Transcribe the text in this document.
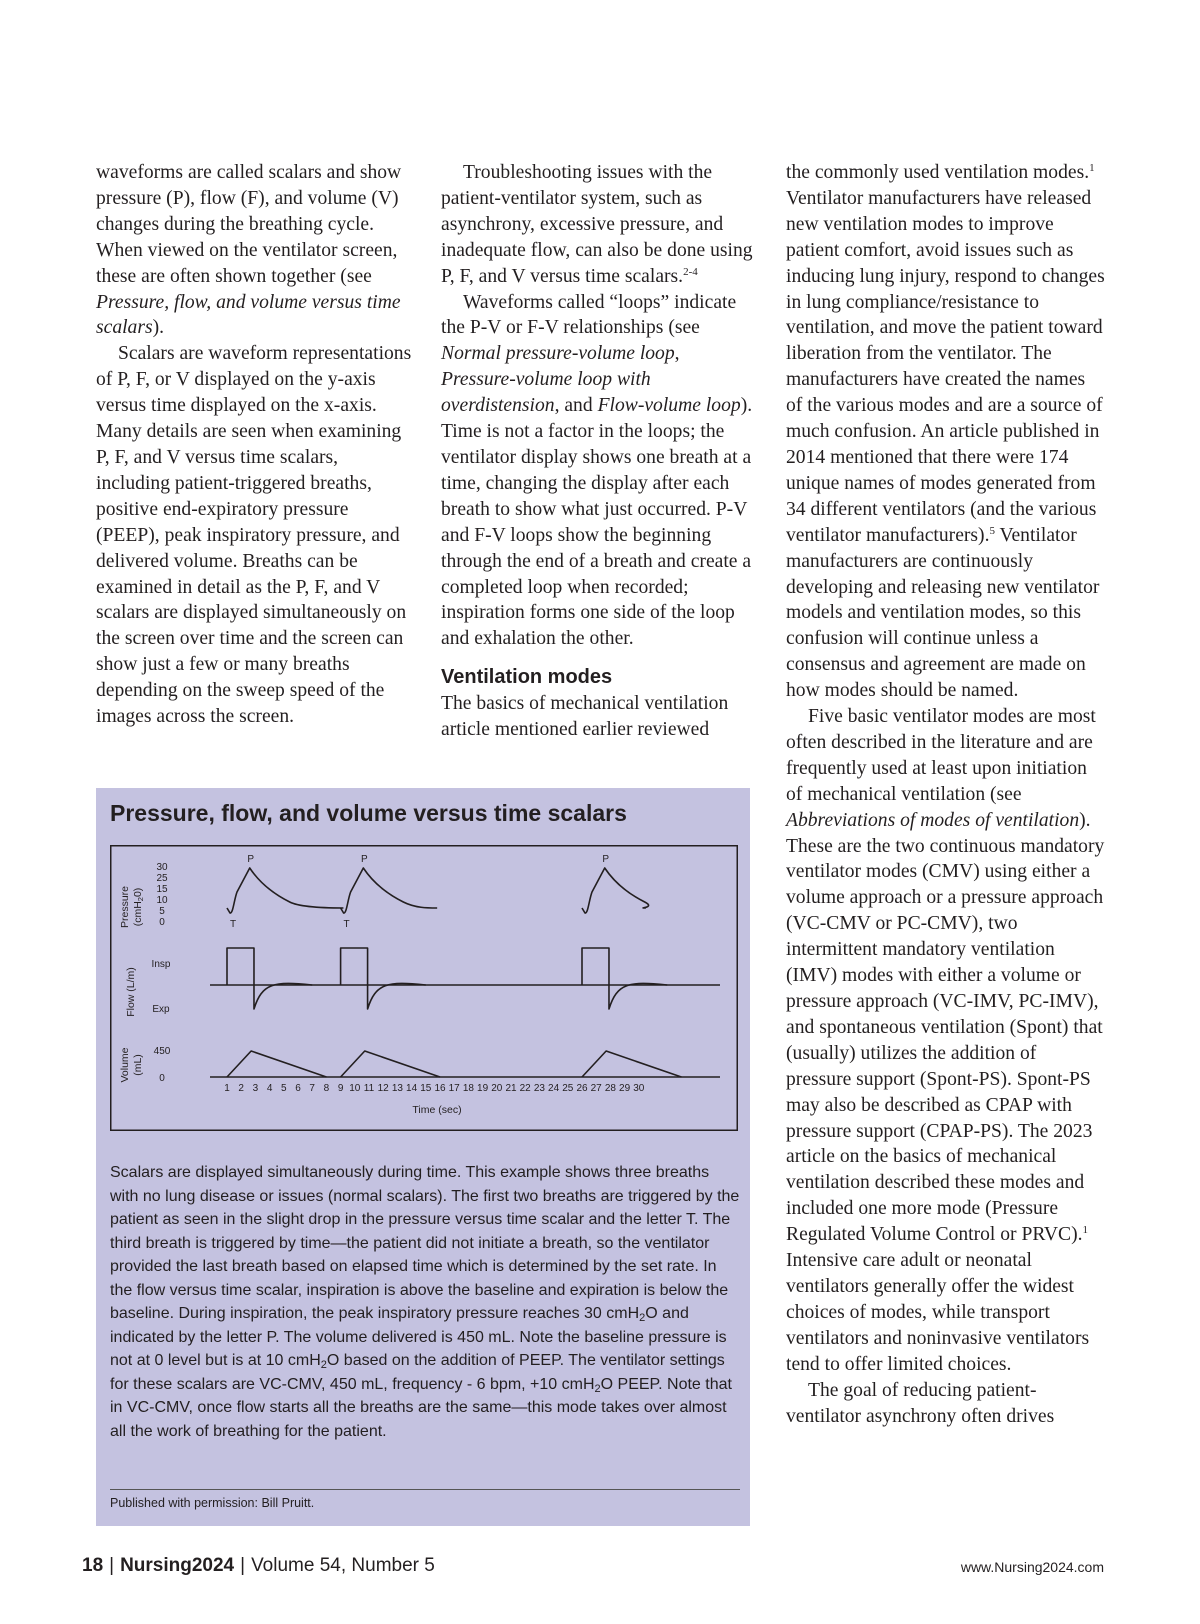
waveforms are called scalars and show pressure (P), flow (F), and volume (V) changes during the breathing cycle. When viewed on the ventilator screen, these are often shown together (see Pressure, flow, and volume versus time scalars).

Scalars are waveform representations of P, F, or V displayed on the y-axis versus time displayed on the x-axis. Many details are seen when examining P, F, and V versus time scalars, including patient-triggered breaths, positive end-expiratory pressure (PEEP), peak inspiratory pressure, and delivered volume. Breaths can be examined in detail as the P, F, and V scalars are displayed simultaneously on the screen over time and the screen can show just a few or many breaths depending on the sweep speed of the images across the screen.

Troubleshooting issues with the patient-ventilator system, such as asynchrony, excessive pressure, and inadequate flow, can also be done using P, F, and V versus time scalars.$^{2-4}$

Waveforms called “loops” indicate the P-V or F-V relationships (see Normal pressure-volume loop, Pressure-volume loop with overdistension, and Flow-volume loop). Time is not a factor in the loops; the ventilator display shows one breath at a time, changing the display after each breath to show what just occurred. P-V and F-V loops show the beginning through the end of a breath and create a completed loop when recorded; inspiration forms one side of the loop and exhalation the other.

Ventilation modes

The basics of mechanical ventilation article mentioned earlier reviewed

the commonly used ventilation modes.$^1$ Ventilator manufacturers have released new ventilation modes to improve patient comfort, avoid issues such as inducing lung injury, respond to changes in lung compliance/resistance to ventilation, and move the patient toward liberation from the ventilator. The manufacturers have created the names of the various modes and are a source of much confusion. An article published in 2014 mentioned that there were 174 unique names of modes generated from 34 different ventilators (and the various ventilator manufacturers).$^5$ Ventilator manufacturers are continuously developing and releasing new ventilator models and ventilation modes, so this confusion will continue unless a consensus and agreement are made on how modes should be named.

Five basic ventilator modes are most often described in the literature and are frequently used at least upon initiation of mechanical ventilation (see Abbreviations of modes of ventilation). These are the two continuous mandatory ventilator modes (CMV) using either a volume approach or a pressure approach (VC-CMV or PC-CMV), two intermittent mandatory ventilation (IMV) modes with either a volume or pressure approach (VC-IMV, PC-IMV), and spontaneous ventilation (Spont) that (usually) utilizes the addition of pressure support (Spont-PS). Spont-PS may also be described as CPAP with pressure support (CPAP-PS). The 2023 article on the basics of mechanical ventilation described these modes and included one more mode (Pressure Regulated Volume Control or PRVC).$^1$ Intensive care adult or neonatal ventilators generally offer the widest choices of modes, while transport ventilators and noninvasive ventilators tend to offer limited choices.

The goal of reducing patient-ventilator asynchrony often drives

Pressure, flow, and volume versus time scalars
Pressure (cmH20)
Flow (L/m)
Volume (mL)
30
25
15
10
5
0
Insp
Exp
450
0
P
T
P
T
P
1 2 3 4 5 6 7 8 9 10 11 12 13 14 15 16 17 18 19 20 21 22 23 24 25 26 27 28 29 30
Time (sec)
Scalars are displayed simultaneously during time. This example shows three breaths with no lung disease or issues (normal scalars). The first two breaths are triggered by the patient as seen in the slight drop in the pressure versus time scalar and the letter T. The third breath is triggered by time—the patient did not initiate a breath, so the ventilator provided the last breath based on elapsed time which is determined by the set rate. In the flow versus time scalar, inspiration is above the baseline and expiration is below the baseline. During inspiration, the peak inspiratory pressure reaches 30 cmH$_2$O and indicated by the letter P. The volume delivered is 450 mL. Note the baseline pressure is not at 0 level but is at 10 cmH$_2$O based on the addition of PEEP. The ventilator settings for these scalars are VC-CMV, 450 mL, frequency - 6 bpm, +10 cmH$_2$O PEEP. Note that in VC-CMV, once flow starts all the breaths are the same—this mode takes over almost all the work of breathing for the patient.
Published with permission: Bill Pruitt.
18 | Nursing2024 | Volume 54, Number 5	www.Nursing2024.com
